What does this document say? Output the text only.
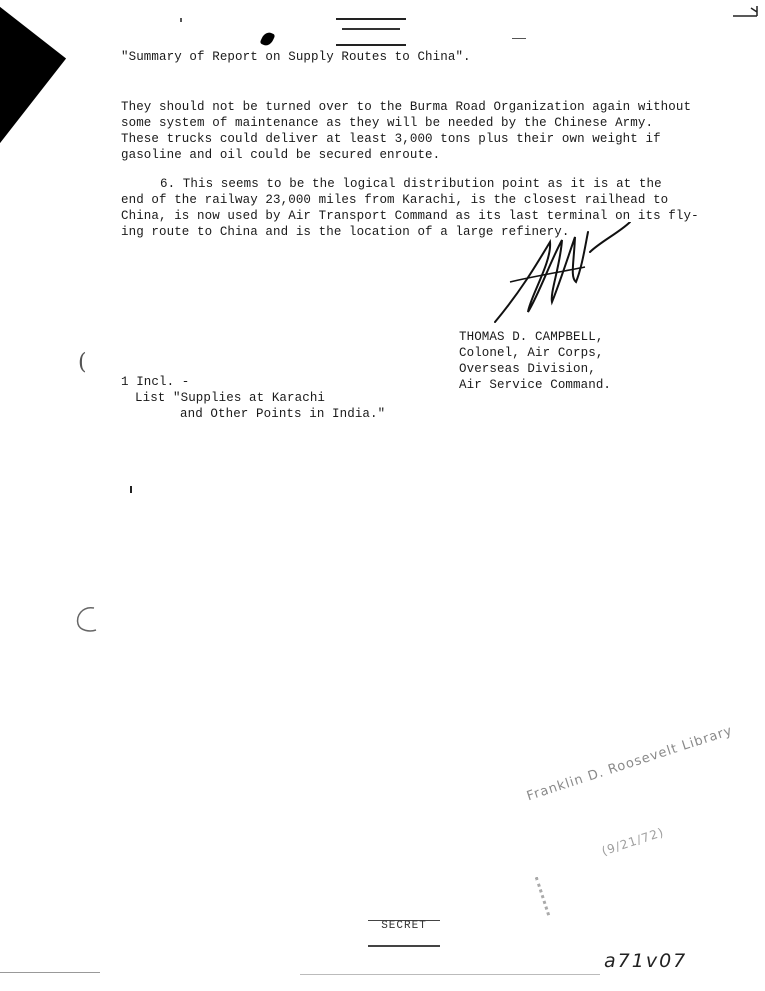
"Summary of Report on Supply Routes to China".
They should not be turned over to the Burma Road Organization again without
some system of maintenance as they will be needed by the Chinese Army.
These trucks could deliver at least 3,000 tons plus their own weight if
gasoline and oil could be secured enroute.
6. This seems to be the logical distribution point as it is at the
end of the railway 23,000 miles from Karachi, is the closest railhead to
China, is now used by Air Transport Command as its last terminal on its fly-
ing route to China and is the location of a large refinery.
THOMAS D. CAMPBELL,
Colonel, Air Corps,
Overseas Division,
Air Service Command.
(
1 Incl. -
List "Supplies at Karachi
and Other Points in India."
Franklin D. Roosevelt Library
(9/21/72)
SECRET
a71v07
